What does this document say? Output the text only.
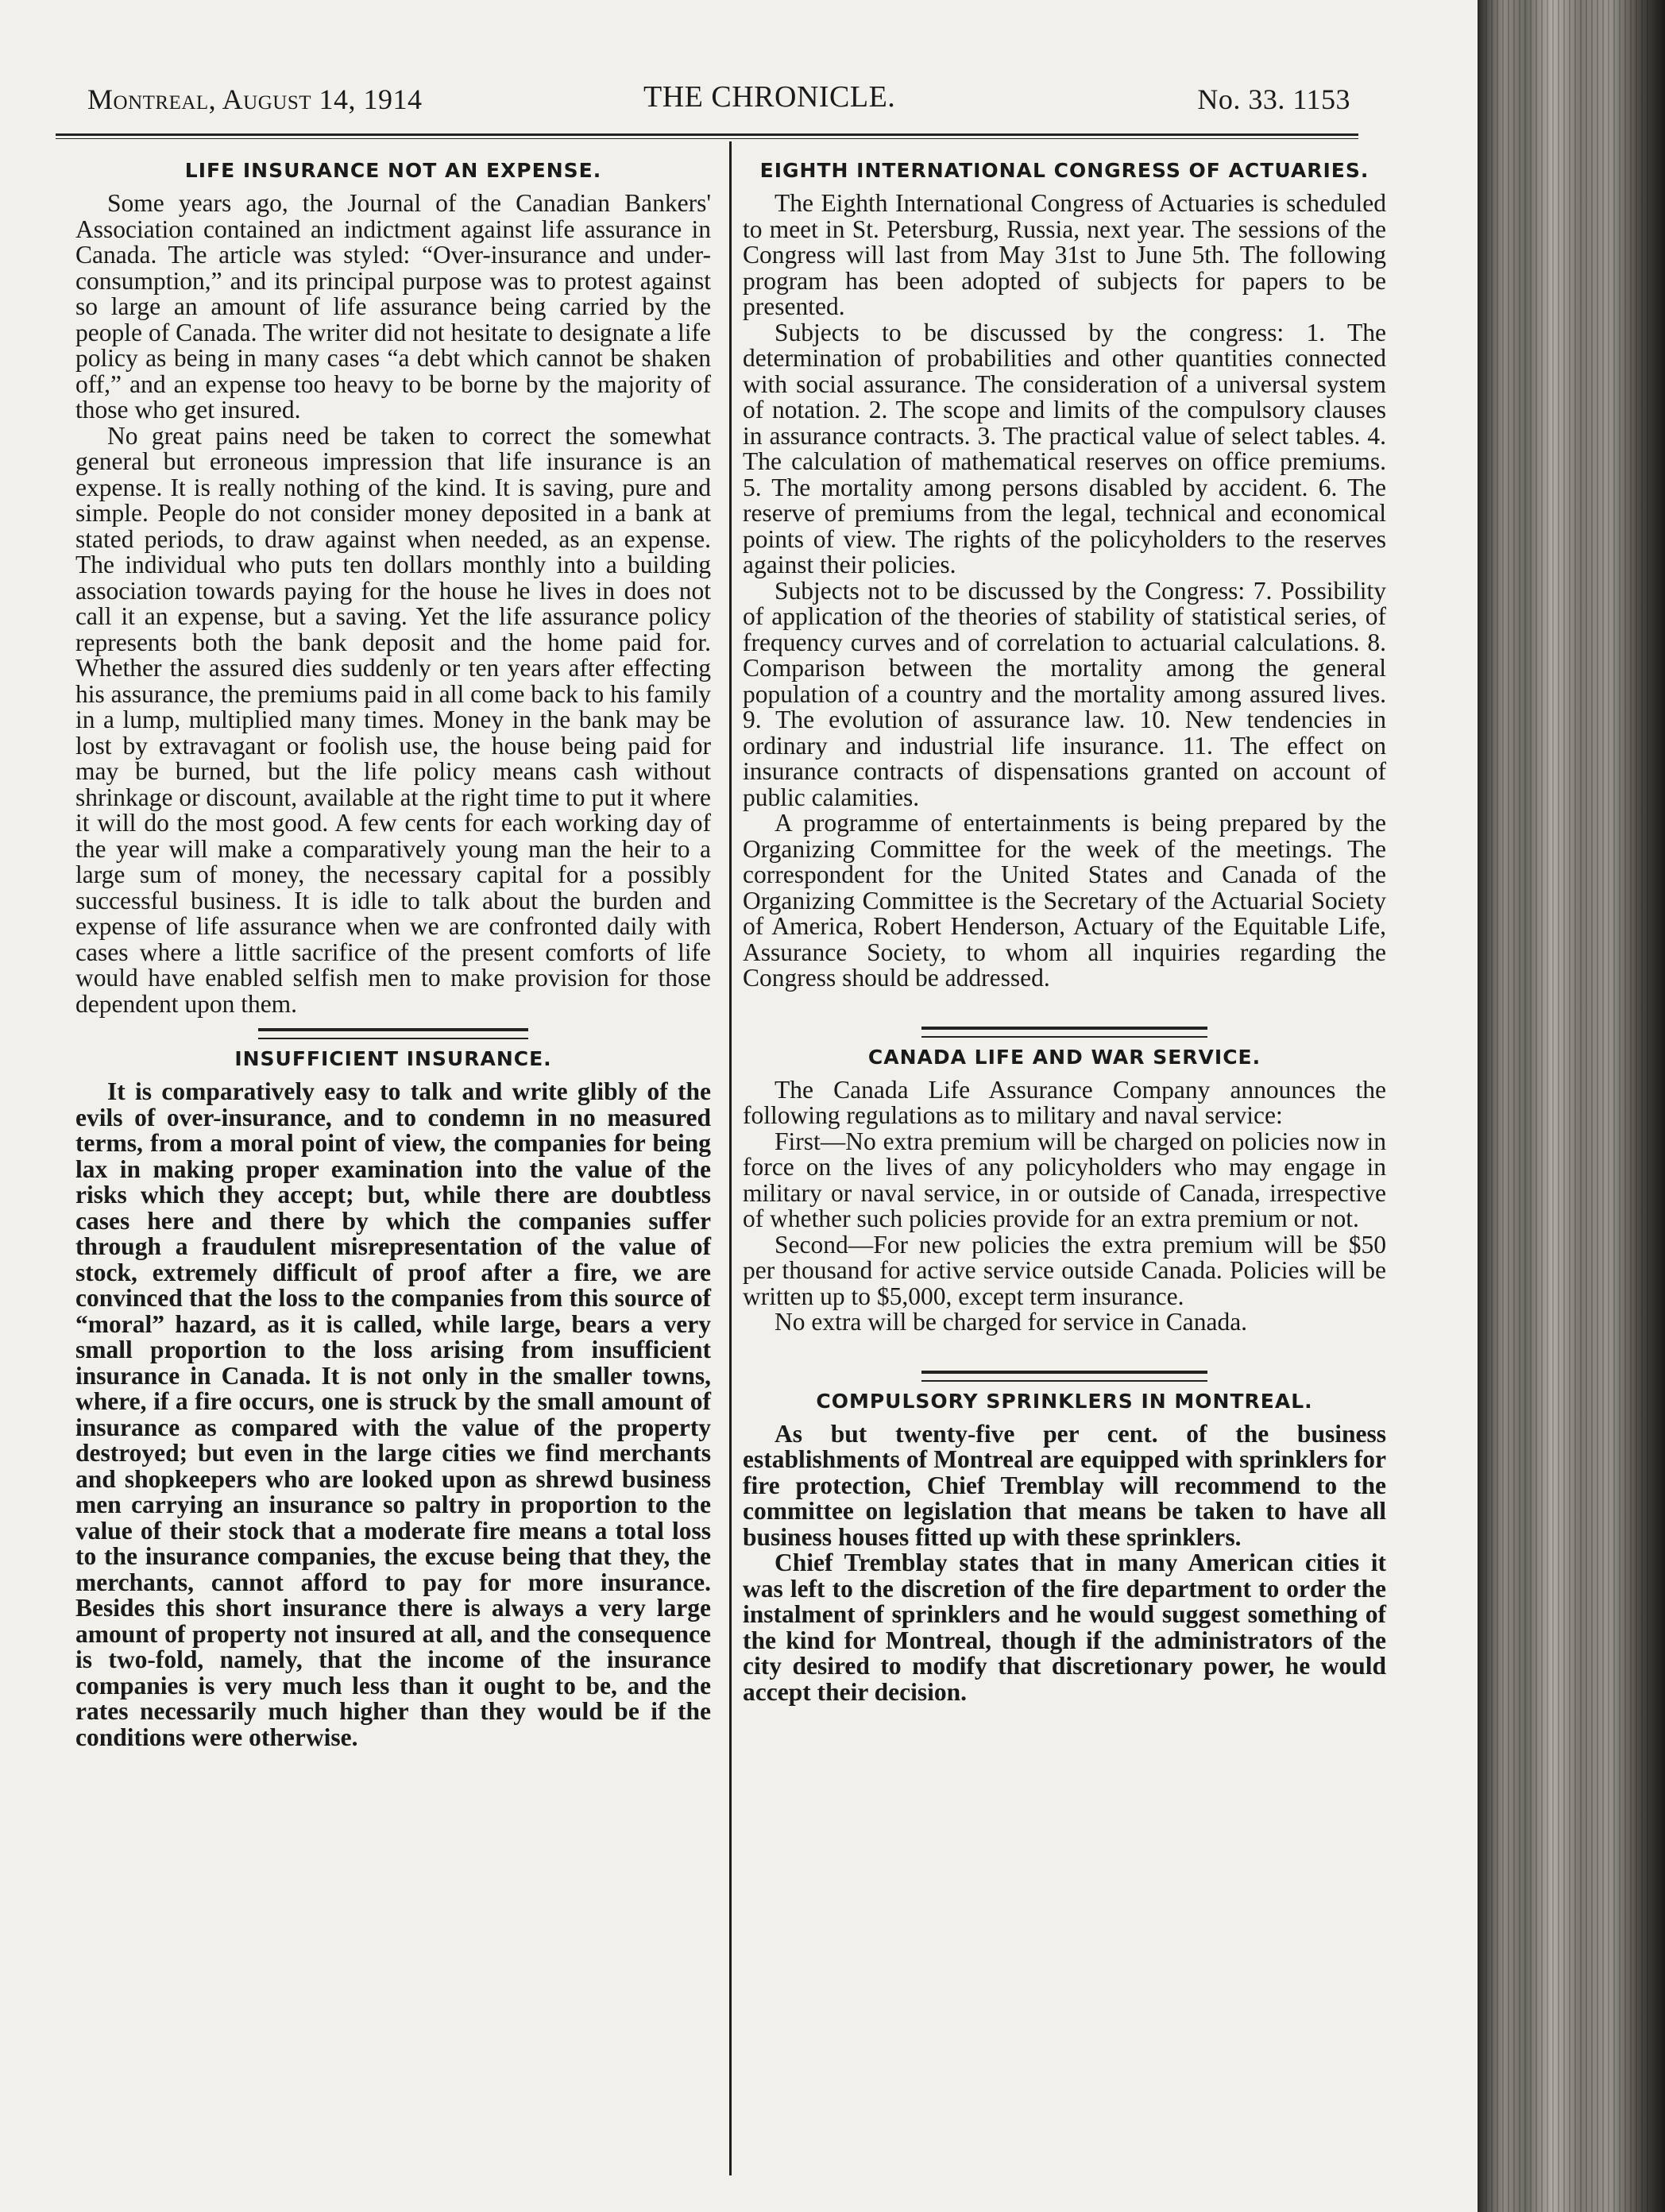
Montreal, August 14, 1914	THE CHRONICLE.	No. 33. 1153
LIFE INSURANCE NOT AN EXPENSE.

Some years ago, the Journal of the Canadian Bankers' Association contained an indictment against life assurance in Canada. The article was styled: “Over-insurance and under-consumption,” and its principal purpose was to protest against so large an amount of life assurance being carried by the people of Canada. The writer did not hesitate to designate a life policy as being in many cases “a debt which cannot be shaken off,” and an expense too heavy to be borne by the majority of those who get insured.

No great pains need be taken to correct the somewhat general but erroneous impression that life insurance is an expense. It is really nothing of the kind. It is saving, pure and simple. People do not consider money deposited in a bank at stated periods, to draw against when needed, as an expense. The individual who puts ten dollars monthly into a building association towards paying for the house he lives in does not call it an expense, but a saving. Yet the life assurance policy represents both the bank deposit and the home paid for. Whether the assured dies suddenly or ten years after effecting his assurance, the premiums paid in all come back to his family in a lump, multiplied many times. Money in the bank may be lost by extravagant or foolish use, the house being paid for may be burned, but the life policy means cash without shrinkage or discount, available at the right time to put it where it will do the most good. A few cents for each working day of the year will make a comparatively young man the heir to a large sum of money, the necessary capital for a possibly successful business. It is idle to talk about the burden and expense of life assurance when we are confronted daily with cases where a little sacrifice of the present comforts of life would have enabled selfish men to make provision for those dependent upon them.

INSUFFICIENT INSURANCE.

It is comparatively easy to talk and write glibly of the evils of over-insurance, and to condemn in no measured terms, from a moral point of view, the companies for being lax in making proper examination into the value of the risks which they accept; but, while there are doubtless cases here and there by which the companies suffer through a fraudulent misrepresentation of the value of stock, extremely difficult of proof after a fire, we are convinced that the loss to the companies from this source of “moral” hazard, as it is called, while large, bears a very small proportion to the loss arising from insufficient insurance in Canada. It is not only in the smaller towns, where, if a fire occurs, one is struck by the small amount of insurance as compared with the value of the property destroyed; but even in the large cities we find merchants and shopkeepers who are looked upon as shrewd business men carrying an insurance so paltry in proportion to the value of their stock that a moderate fire means a total loss to the insurance companies, the excuse being that they, the merchants, cannot afford to pay for more insurance. Besides this short insurance there is always a very large amount of property not insured at all, and the consequence is two-fold, namely, that the income of the insurance companies is very much less than it ought to be, and the rates necessarily much higher than they would be if the conditions were otherwise.

EIGHTH INTERNATIONAL CONGRESS OF ACTUARIES.

The Eighth International Congress of Actuaries is scheduled to meet in St. Petersburg, Russia, next year. The sessions of the Congress will last from May 31st to June 5th. The following program has been adopted of subjects for papers to be presented.

Subjects to be discussed by the congress: 1. The determination of probabilities and other quantities connected with social assurance. The consideration of a universal system of notation. 2. The scope and limits of the compulsory clauses in assurance contracts. 3. The practical value of select tables. 4. The calculation of mathematical reserves on office premiums. 5. The mortality among persons disabled by accident. 6. The reserve of premiums from the legal, technical and economical points of view. The rights of the policyholders to the reserves against their policies.

Subjects not to be discussed by the Congress: 7. Possibility of application of the theories of stability of statistical series, of frequency curves and of correlation to actuarial calculations. 8. Comparison between the mortality among the general population of a country and the mortality among assured lives. 9. The evolution of assurance law. 10. New tendencies in ordinary and industrial life insurance. 11. The effect on insurance contracts of dispensations granted on account of public calamities.

A programme of entertainments is being prepared by the Organizing Committee for the week of the meetings. The correspondent for the United States and Canada of the Organizing Committee is the Secretary of the Actuarial Society of America, Robert Henderson, Actuary of the Equitable Life, Assurance Society, to whom all inquiries regarding the Congress should be addressed.

CANADA LIFE AND WAR SERVICE.

The Canada Life Assurance Company announces the following regulations as to military and naval service:

First—No extra premium will be charged on policies now in force on the lives of any policyholders who may engage in military or naval service, in or outside of Canada, irrespective of whether such policies provide for an extra premium or not.

Second—For new policies the extra premium will be $50 per thousand for active service outside Canada. Policies will be written up to $5,000, except term insurance.

No extra will be charged for service in Canada.

COMPULSORY SPRINKLERS IN MONTREAL.

As but twenty-five per cent. of the business establishments of Montreal are equipped with sprinklers for fire protection, Chief Tremblay will recommend to the committee on legislation that means be taken to have all business houses fitted up with these sprinklers.

Chief Tremblay states that in many American cities it was left to the discretion of the fire department to order the instalment of sprinklers and he would suggest something of the kind for Montreal, though if the administrators of the city desired to modify that discretionary power, he would accept their decision.
